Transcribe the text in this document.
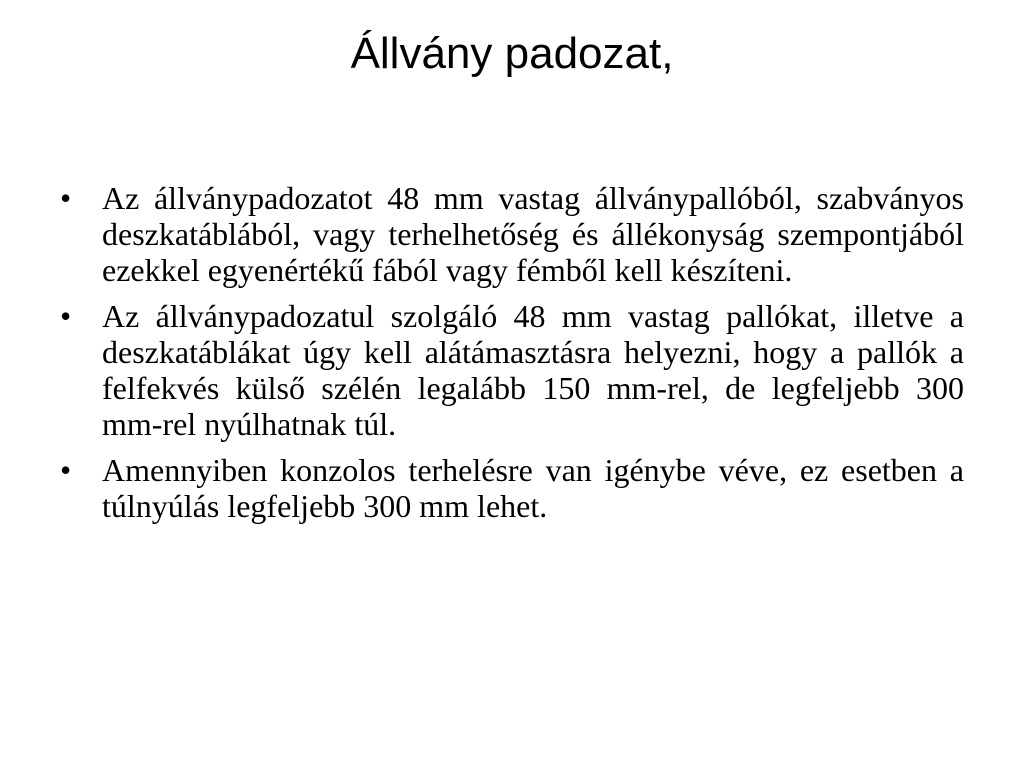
Állvány padozat,
• Az állványpadozatot 48 mm vastag állványpallóból, szabványos deszkatáblából, vagy terhelhetőség és állékonyság szempontjából ezekkel egyenértékű fából vagy fémből kell készíteni.
• Az állványpadozatul szolgáló 48 mm vastag pallókat, illetve a deszkatáblákat úgy kell alátámasztásra helyezni, hogy a pallók a felfekvés külső szélén legalább 150 mm-rel, de legfeljebb 300 mm-rel nyúlhatnak túl.
• Amennyiben konzolos terhelésre van igénybe véve, ez esetben a túlnyúlás legfeljebb 300 mm lehet.
